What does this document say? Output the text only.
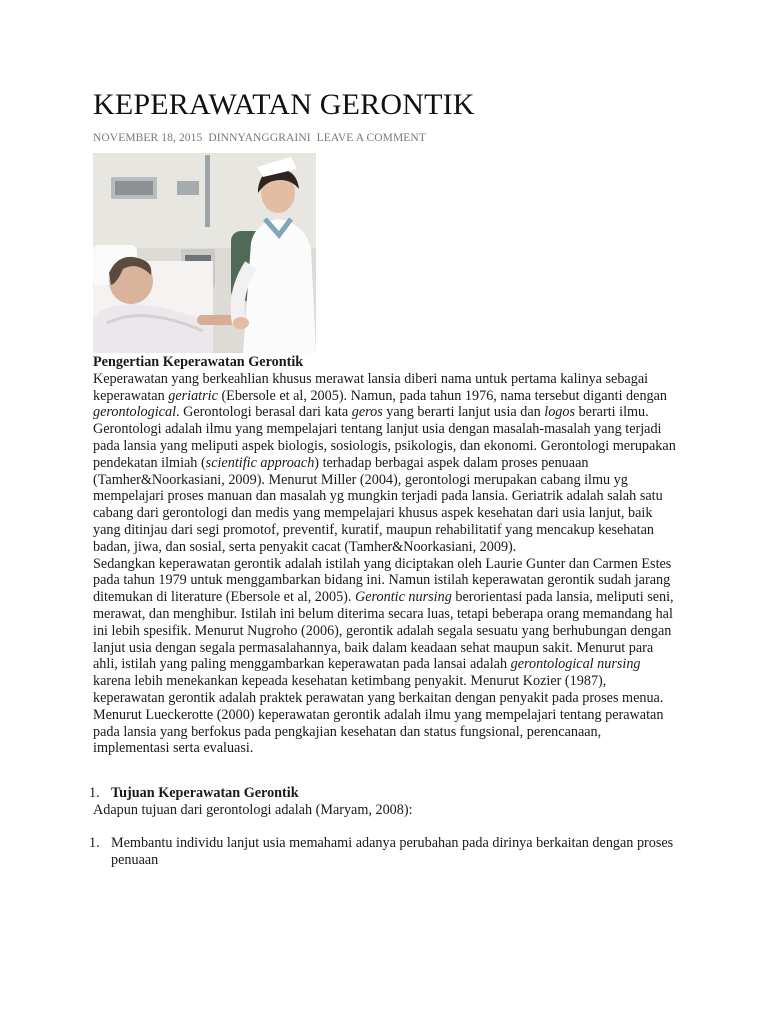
KEPERAWATAN GERONTIK
NOVEMBER 18, 2015 DINNYANGGRAINI LEAVE A COMMENT

Pengertian Keperawatan Gerontik

Keperawatan yang berkeahlian khusus merawat lansia diberi nama untuk pertama kalinya sebagai keperawatan geriatric (Ebersole et al, 2005). Namun, pada tahun 1976, nama tersebut diganti dengan gerontological. Gerontologi berasal dari kata geros yang berarti lanjut usia dan logos berarti ilmu. Gerontologi adalah ilmu yang mempelajari tentang lanjut usia dengan masalah-masalah yang terjadi pada lansia yang meliputi aspek biologis, sosiologis, psikologis, dan ekonomi. Gerontologi merupakan pendekatan ilmiah (scientific approach) terhadap berbagai aspek dalam proses penuaan (Tamher&Noorkasiani, 2009). Menurut Miller (2004), gerontologi merupakan cabang ilmu yg mempelajari proses manuan dan masalah yg mungkin terjadi pada lansia. Geriatrik adalah salah satu cabang dari gerontologi dan medis yang mempelajari khusus aspek kesehatan dari usia lanjut, baik yang ditinjau dari segi promotof, preventif, kuratif, maupun rehabilitatif yang mencakup kesehatan badan, jiwa, dan sosial, serta penyakit cacat (Tamher&Noorkasiani, 2009).

Sedangkan keperawatan gerontik adalah istilah yang diciptakan oleh Laurie Gunter dan Carmen Estes pada tahun 1979 untuk menggambarkan bidang ini. Namun istilah keperawatan gerontik sudah jarang ditemukan di literature (Ebersole et al, 2005). Gerontic nursing berorientasi pada lansia, meliputi seni, merawat, dan menghibur. Istilah ini belum diterima secara luas, tetapi beberapa orang memandang hal ini lebih spesifik. Menurut Nugroho (2006), gerontik adalah segala sesuatu yang berhubungan dengan lanjut usia dengan segala permasalahannya, baik dalam keadaan sehat maupun sakit. Menurut para ahli, istilah yang paling menggambarkan keperawatan pada lansai adalah gerontological nursing karena lebih menekankan kepeada kesehatan ketimbang penyakit. Menurut Kozier (1987), keperawatan gerontik adalah praktek perawatan yang berkaitan dengan penyakit pada proses menua. Menurut Lueckerotte (2000) keperawatan gerontik adalah ilmu yang mempelajari tentang perawatan pada lansia yang berfokus pada pengkajian kesehatan dan status fungsional, perencanaan, implementasi serta evaluasi.

1. Tujuan Keperawatan Gerontik

Adapun tujuan dari gerontologi adalah (Maryam, 2008):

1. Membantu individu lanjut usia memahami adanya perubahan pada dirinya berkaitan dengan proses penuaan
